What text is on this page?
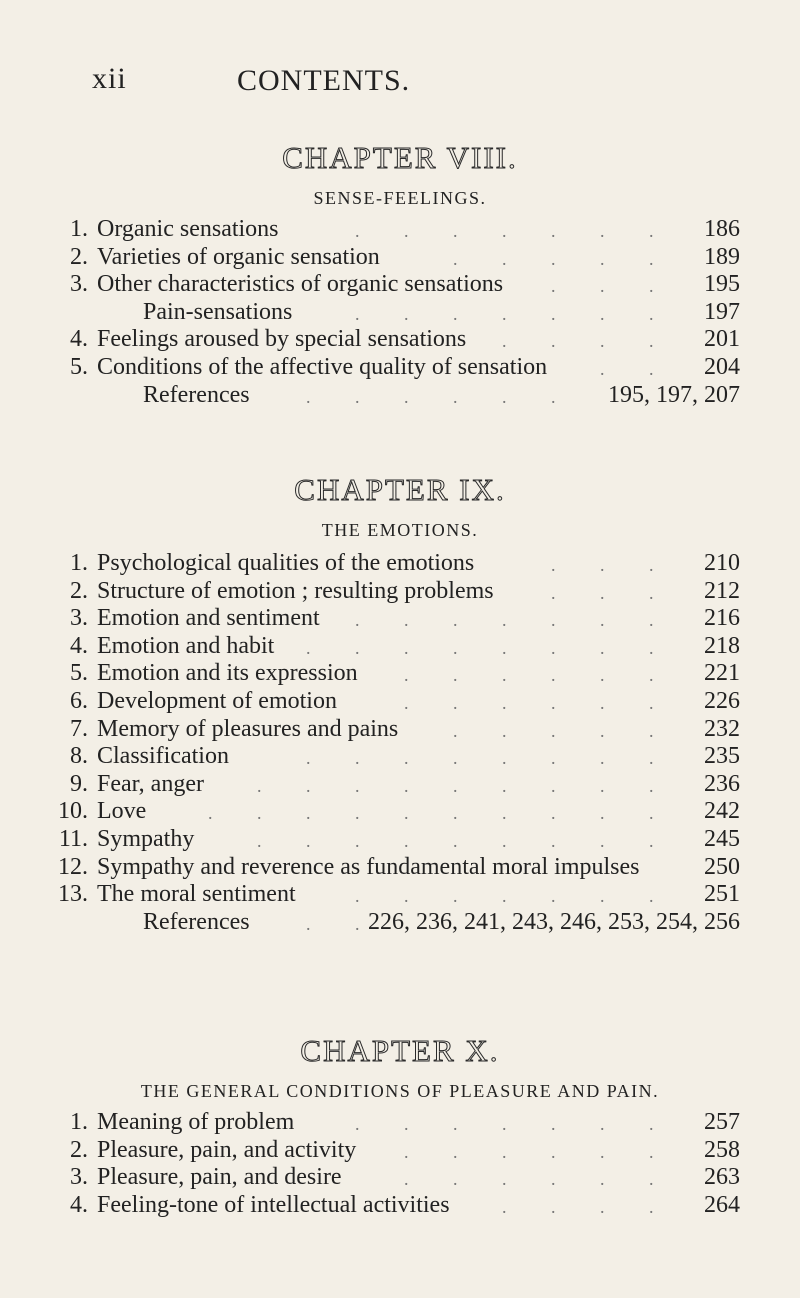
xii	CONTENTS.
CHAPTER VIII.
SENSE-FEELINGS.
1. Organic sensations	186
. . . . . . .
2. Varieties of organic sensation	189
. . . . .
3. Other characteristics of organic sensations	195
. . .
Pain-sensations	197
. . . . . . .
4. Feelings aroused by special sensations	201
. . . .
5. Conditions of the affective quality of sensation	204
. .
References	195, 197, 207
. . . . . .
CHAPTER IX.
THE EMOTIONS.
1. Psychological qualities of the emotions	210
. . .
2. Structure of emotion ; resulting problems	212
. . .
3. Emotion and sentiment	216
. . . . . . .
4. Emotion and habit	218
. . . . . . . .
5. Emotion and its expression	221
. . . . . .
6. Development of emotion	226
. . . . . .
7. Memory of pleasures and pains	232
. . . . .
8. Classification	235
. . . . . . . .
9. Fear, anger	236
. . . . . . . . .
10. Love	242
. . . . . . . . . .
11. Sympathy	245
. . . . . . . . .
12. Sympathy and reverence as fundamental moral impulses	250
13. The moral sentiment	251
. . . . . . .
References	226, 236, 241, 243, 246, 253, 254, 256
. .
CHAPTER X.
THE GENERAL CONDITIONS OF PLEASURE AND PAIN.
1. Meaning of problem	257
. . . . . . .
2. Pleasure, pain, and activity	258
. . . . . .
3. Pleasure, pain, and desire	263
. . . . . .
4. Feeling-tone of intellectual activities	264
. . . .
